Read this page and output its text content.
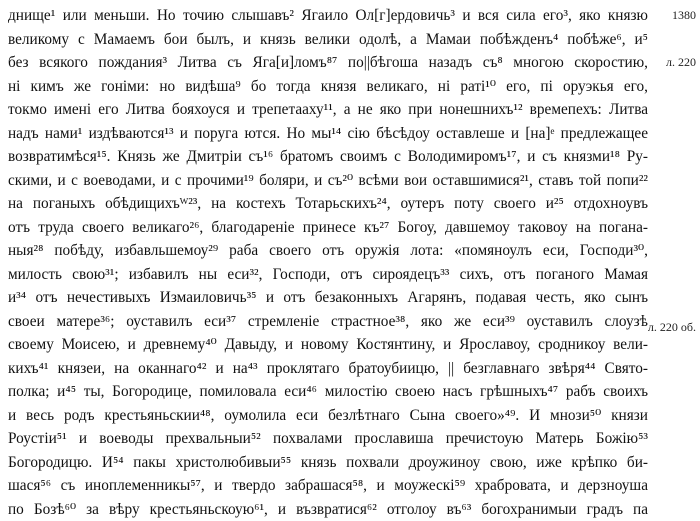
днище¹ или меньши. Но точию слышавъ² Ягаило Ол[г]ердовичь³ и вся сила его³, яко князю
великому с Мамаемъ бои былъ, и князь велики одолѣ, а Мамаи побѣжденъ⁴ побѣже⁶, и⁵
без всякого пождания³ Литва съ Яга[и]ломъ⁸⁷ по||бѣгоша назадъ съ⁸ многою скоростию,
ні кимъ же гоніми: но видѣша⁹ бо тогда князя великаго, ні раті¹⁰ его, пі оруэкья его,
токмо имені его Литва бояхоуся и трепетааху¹¹, а не яко при нонешнихъ¹² времепехъ: Литва
надъ нами¹ издѣваются¹³ и поруга ются. Но мы¹⁴ сію бѣсѣдоу оставлеше и [на]ᵉ предлежащее
возвратимѣся¹⁵. Князь же Дмитріи съ¹⁶ братомъ своимъ с Володимиромъ¹⁷, и съ князми¹⁸ Ру-
скими, и с воеводами, и с прочими¹⁹ боляри, и съ²⁰ всѣми вои оставшимися²¹, ставъ той попи²²
на поганыхъ обѣдищихъᵂ²³, на костехъ Тотарьскихъ²⁴, оутеръ поту своего и²⁵ отдохноувъ
отъ труда своего великаго²⁶, благодареніе принесе къ²⁷ Богоу, давшемоу таковоу на погана-
ныя²⁸ побѣду, избавльшемоу²⁹ раба своего отъ оружія лота: «помяноулъ еси, Господи³⁰,
милость свою³¹; избавилъ ны еси³², Господи, отъ сироядецъ³³ сихъ, отъ поганого Мамая
и³⁴ отъ нечестивыхъ Измаиловичь³⁵ и отъ безаконныхъ Агарянъ, подавая честь, яко сынъ
своеи матере³⁶; оуставилъ еси³⁷ стремленіе страстное³⁸, яко же еси³⁹ оуставилъ слоузѣ
своему Моисею, и древнему⁴⁰ Давыду, и новому Костянтину, и Ярославоу, сродникоу вели-
кихъ⁴¹ князеи, на оканнаго⁴² и на⁴³ проклятаго братоубиицю, || безглавнаго звѣря⁴⁴ Свято-
полка; и⁴⁵ ты, Богородице, помиловала еси⁴⁶ милостію своею насъ грѣшныхъ⁴⁷ рабъ своихъ
и весь родъ крестьяньскии⁴⁸, оумолила еси безлѣтнаго Сына своего»⁴⁹. И мнози⁵⁰ князи
Роустіи⁵¹ и воеводы прехвальныи⁵² похвалами прославиша пречистоую Матерь Божію⁵³
Богородицю. И⁵⁴ пакы христолюбивыи⁵⁵ князь похвали дроужиноу свою, иже крѣпко би-
шася⁵⁶ съ иноплеменникы⁵⁷, и твердо забрашася⁵⁸, и моужескі⁵⁹ храбровата, и дерзноуша
по Бозѣ⁶⁰ за вѣру крестьяньскоую⁶¹, и възвратися⁶² отголоу въ⁶³ богохранимыи градъ па
1380
л. 220
л. 220 об.
